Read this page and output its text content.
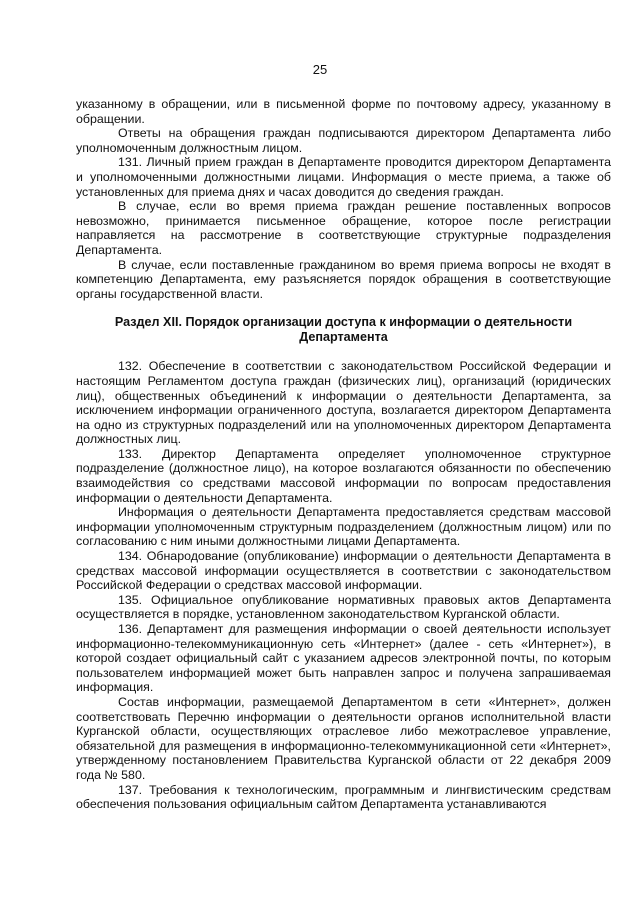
25

указанному в обращении, или в письменной форме по почтовому адресу, указанному в обращении.

Ответы на обращения граждан подписываются директором Департамента либо уполномоченным должностным лицом.

131. Личный прием граждан в Департаменте проводится директором Департамента и уполномоченными должностными лицами. Информация о месте приема, а также об установленных для приема днях и часах доводится до сведения граждан.

В случае, если во время приема граждан решение поставленных вопросов невозможно, принимается письменное обращение, которое после регистрации направляется на рассмотрение в соответствующие структурные подразделения Департамента.

В случае, если поставленные гражданином во время приема вопросы не входят в компетенцию Департамента, ему разъясняется порядок обращения в соответствующие органы государственной власти.

Раздел XII. Порядок организации доступа к информации о деятельности Департамента

132. Обеспечение в соответствии с законодательством Российской Федерации и настоящим Регламентом доступа граждан (физических лиц), организаций (юридических лиц), общественных объединений к информации о деятельности Департамента, за исключением информации ограниченного доступа, возлагается директором Департамента на одно из структурных подразделений или на уполномоченных директором Департамента должностных лиц.

133. Директор Департамента определяет уполномоченное структурное подразделение (должностное лицо), на которое возлагаются обязанности по обеспечению взаимодействия со средствами массовой информации по вопросам предоставления информации о деятельности Департамента.

Информация о деятельности Департамента предоставляется средствам массовой информации уполномоченным структурным подразделением (должностным лицом) или по согласованию с ним иными должностными лицами Департамента.

134. Обнародование (опубликование) информации о деятельности Департамента в средствах массовой информации осуществляется в соответствии с законодательством Российской Федерации о средствах массовой информации.

135. Официальное опубликование нормативных правовых актов Департамента осуществляется в порядке, установленном законодательством Курганской области.

136. Департамент для размещения информации о своей деятельности использует информационно-телекоммуникационную сеть «Интернет» (далее - сеть «Интернет»), в которой создает официальный сайт с указанием адресов электронной почты, по которым пользователем информацией может быть направлен запрос и получена запрашиваемая информация.

Состав информации, размещаемой Департаментом в сети «Интернет», должен соответствовать Перечню информации о деятельности органов исполнительной власти Курганской области, осуществляющих отраслевое либо межотраслевое управление, обязательной для размещения в информационно-телекоммуникационной сети «Интернет», утвержденному постановлением Правительства Курганской области от 22 декабря 2009 года № 580.

137. Требования к технологическим, программным и лингвистическим средствам обеспечения пользования официальным сайтом Департамента устанавливаются
